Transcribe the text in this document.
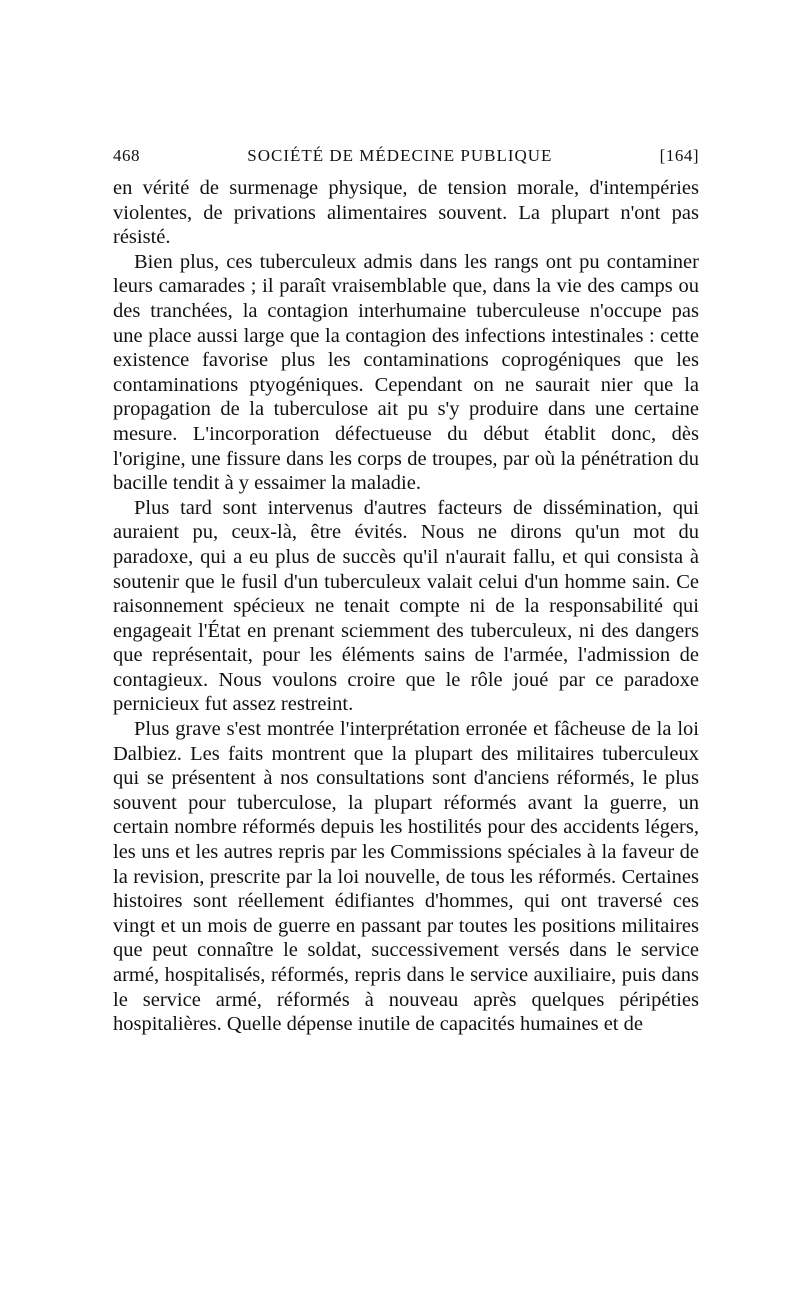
468	SOCIÉTÉ DE MÉDECINE PUBLIQUE	[164]

en vérité de surmenage physique, de tension morale, d'intempéries violentes, de privations alimentaires souvent. La plupart n'ont pas résisté.

Bien plus, ces tuberculeux admis dans les rangs ont pu contaminer leurs camarades ; il paraît vraisemblable que, dans la vie des camps ou des tranchées, la contagion interhumaine tuberculeuse n'occupe pas une place aussi large que la contagion des infections intestinales : cette existence favorise plus les contaminations coprogéniques que les contaminations ptyogéniques. Cependant on ne saurait nier que la propagation de la tuberculose ait pu s'y produire dans une certaine mesure. L'incorporation défectueuse du début établit donc, dès l'origine, une fissure dans les corps de troupes, par où la pénétration du bacille tendit à y essaimer la maladie.

Plus tard sont intervenus d'autres facteurs de dissémination, qui auraient pu, ceux-là, être évités. Nous ne dirons qu'un mot du paradoxe, qui a eu plus de succès qu'il n'aurait fallu, et qui consista à soutenir que le fusil d'un tuberculeux valait celui d'un homme sain. Ce raisonnement spécieux ne tenait compte ni de la responsabilité qui engageait l'État en prenant sciemment des tuberculeux, ni des dangers que représentait, pour les éléments sains de l'armée, l'admission de contagieux. Nous voulons croire que le rôle joué par ce paradoxe pernicieux fut assez restreint.

Plus grave s'est montrée l'interprétation erronée et fâcheuse de la loi Dalbiez. Les faits montrent que la plupart des militaires tuberculeux qui se présentent à nos consultations sont d'anciens réformés, le plus souvent pour tuberculose, la plupart réformés avant la guerre, un certain nombre réformés depuis les hostilités pour des accidents légers, les uns et les autres repris par les Commissions spéciales à la faveur de la revision, prescrite par la loi nouvelle, de tous les réformés. Certaines histoires sont réellement édifiantes d'hommes, qui ont traversé ces vingt et un mois de guerre en passant par toutes les positions militaires que peut connaître le soldat, successivement versés dans le service armé, hospitalisés, réformés, repris dans le service auxiliaire, puis dans le service armé, réformés à nouveau après quelques péripéties hospitalières. Quelle dépense inutile de capacités humaines et de
